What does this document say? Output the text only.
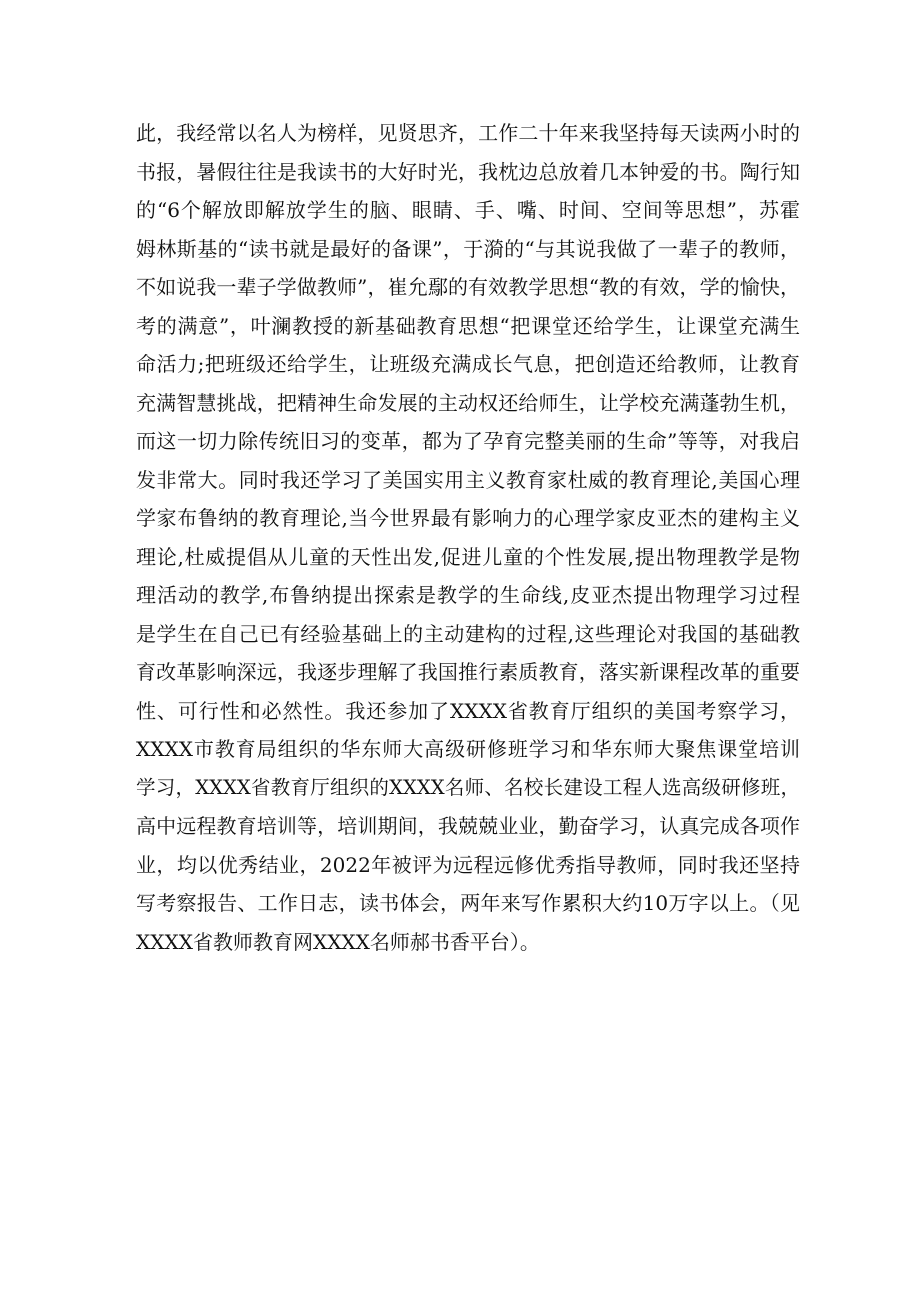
此，我经常以名人为榜样，见贤思齐，工作二十年来我坚持每天读两小时的
书报，暑假往往是我读书的大好时光，我枕边总放着几本钟爱的书。陶行知
的“6个解放即解放学生的脑、眼睛、手、嘴、时间、空间等思想”，苏霍
姆林斯基的“读书就是最好的备课”，于漪的“与其说我做了一辈子的教师，
不如说我一辈子学做教师”，崔允鄢的有效教学思想“教的有效，学的愉快，
考的满意”，叶澜教授的新基础教育思想“把课堂还给学生，让课堂充满生
命活力;把班级还给学生，让班级充满成长气息，把创造还给教师，让教育
充满智慧挑战，把精神生命发展的主动权还给师生，让学校充满蓬勃生机，
而这一切力除传统旧习的变革，都为了孕育完整美丽的生命”等等，对我启
发非常大。同时我还学习了美国实用主义教育家杜威的教育理论,美国心理
学家布鲁纳的教育理论,当今世界最有影响力的心理学家皮亚杰的建构主义
理论,杜威提倡从儿童的天性出发,促进儿童的个性发展,提出物理教学是物
理活动的教学,布鲁纳提出探索是教学的生命线,皮亚杰提出物理学习过程
是学生在自己已有经验基础上的主动建构的过程,这些理论对我国的基础教
育改革影响深远，我逐步理解了我国推行素质教育，落实新课程改革的重要
性、可行性和必然性。我还参加了XXXX省教育厅组织的美国考察学习，
XXXX市教育局组织的华东师大高级研修班学习和华东师大聚焦课堂培训
学习，XXXX省教育厅组织的XXXX名师、名校长建设工程人选高级研修班，
高中远程教育培训等，培训期间，我兢兢业业，勤奋学习，认真完成各项作
业，均以优秀结业，2022年被评为远程远修优秀指导教师，同时我还坚持
写考察报告、工作日志，读书体会，两年来写作累积大约10万字以上。（见
XXXX省教师教育网XXXX名师郝书香平台）。
